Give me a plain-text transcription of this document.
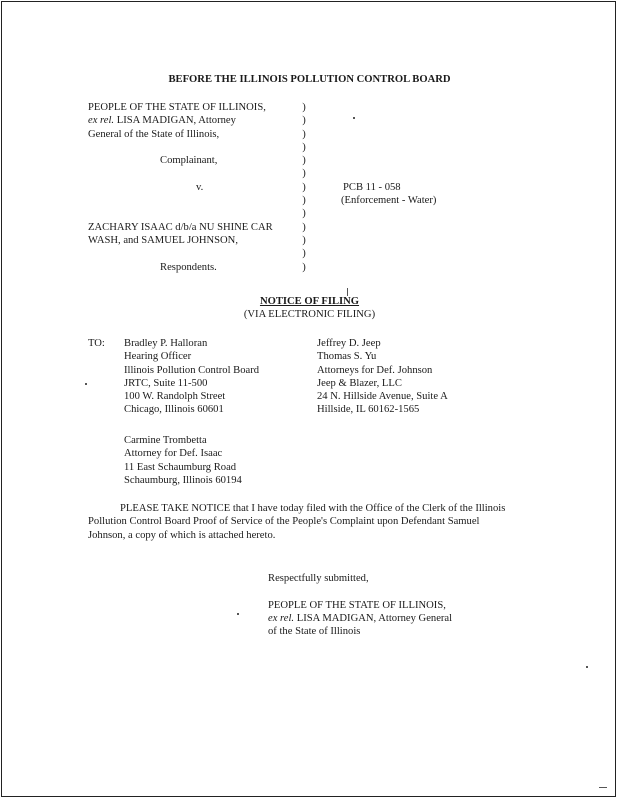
BEFORE THE ILLINOIS POLLUTION CONTROL BOARD
PEOPLE OF THE STATE OF ILLINOIS,
ex rel. LISA MADIGAN, Attorney
General of the State of Illinois,
Complainant,
v.
ZACHARY ISAAC d/b/a NU SHINE CAR
WASH, and SAMUEL JOHNSON,
Respondents.
)
)
)
)
)
)
)
)
)
)
)
)
)
PCB 11 - 058
(Enforcement - Water)
NOTICE OF FILING
(VIA ELECTRONIC FILING)
TO: Bradley P. Halloran
Hearing Officer
Illinois Pollution Control Board
JRTC, Suite 11-500
100 W. Randolph Street
Chicago, Illinois 60601
Jeffrey D. Jeep
Thomas S. Yu
Attorneys for Def. Johnson
Jeep & Blazer, LLC
24 N. Hillside Avenue, Suite A
Hillside, IL 60162-1565
Carmine Trombetta
Attorney for Def. Isaac
11 East Schaumburg Road
Schaumburg, Illinois 60194
PLEASE TAKE NOTICE that I have today filed with the Office of the Clerk of the Illinois Pollution Control Board Proof of Service of the People's Complaint upon Defendant Samuel Johnson, a copy of which is attached hereto.
Respectfully submitted,
PEOPLE OF THE STATE OF ILLINOIS,
ex rel. LISA MADIGAN, Attorney General
of the State of Illinois
